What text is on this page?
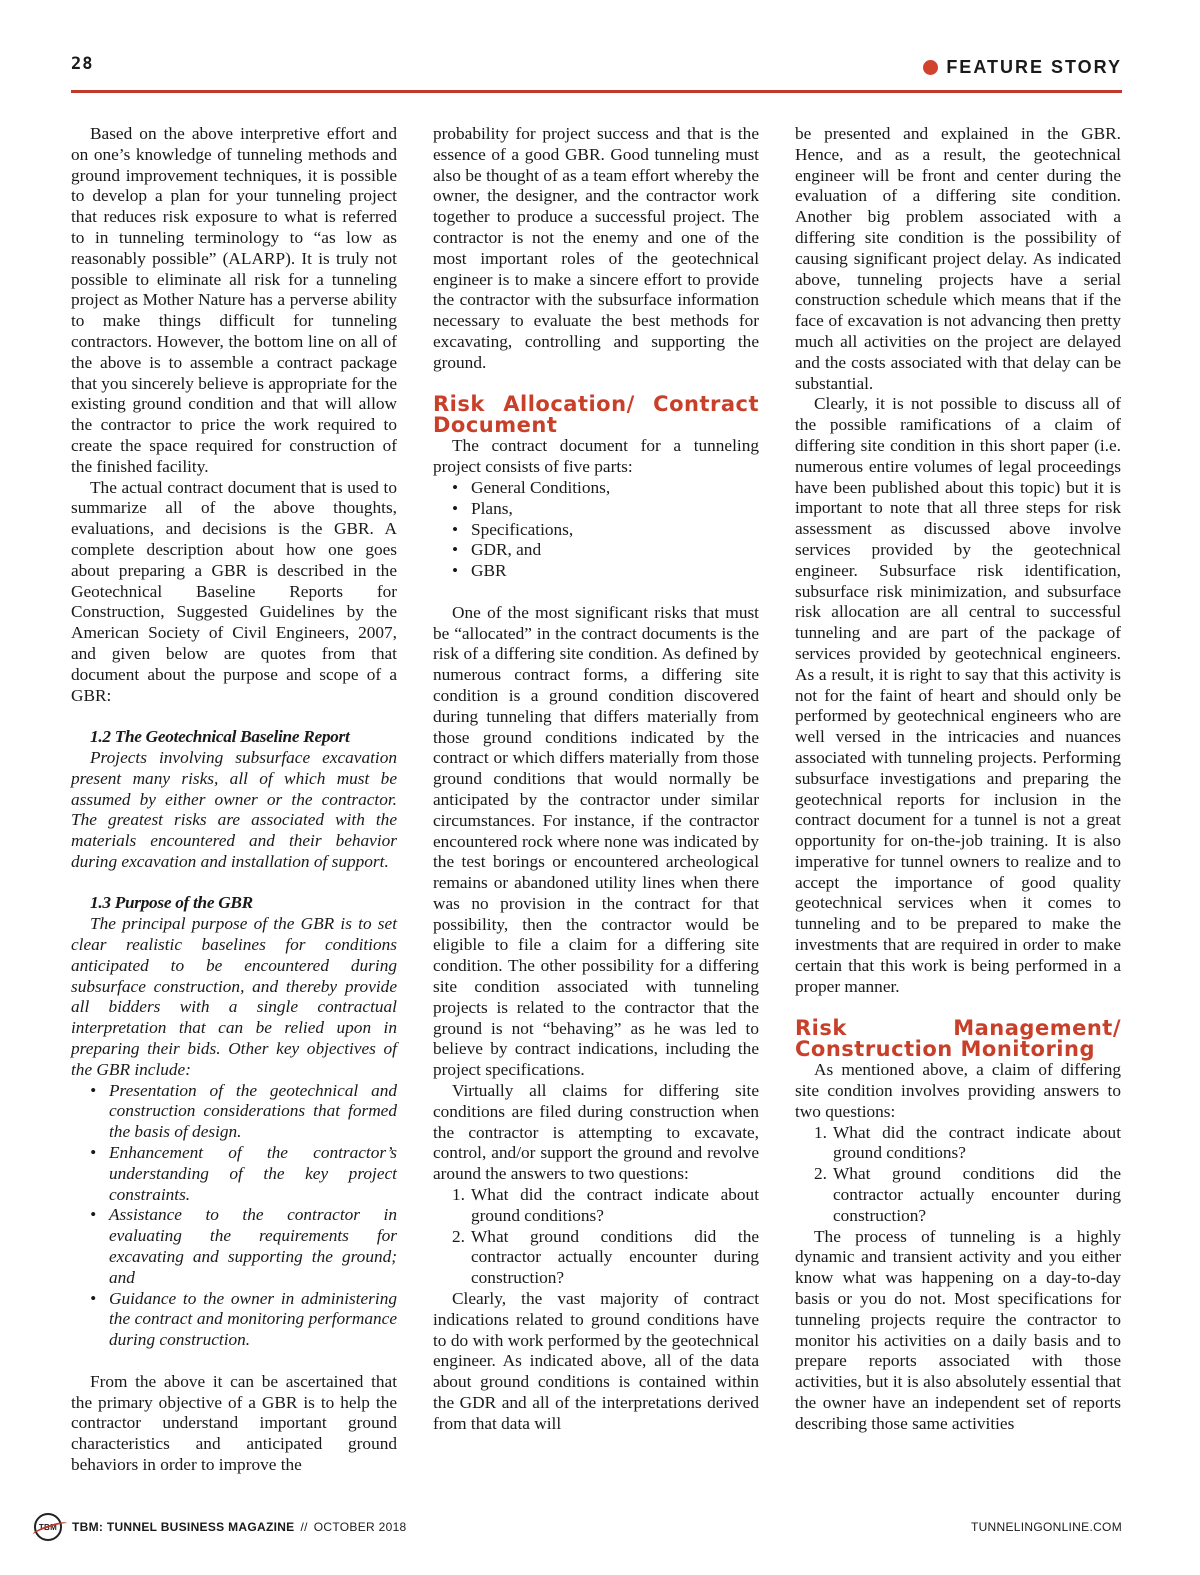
28	FEATURE STORY

Based on the above interpretive effort and on one’s knowledge of tunneling methods and ground improvement techniques, it is possible to develop a plan for your tunneling project that reduces risk exposure to what is referred to in tunneling terminology to “as low as reasonably possible” (ALARP). It is truly not possible to eliminate all risk for a tunneling project as Mother Nature has a perverse ability to make things difficult for tunneling contractors. However, the bottom line on all of the above is to assemble a contract package that you sincerely believe is appropriate for the existing ground condition and that will allow the contractor to price the work required to create the space required for construction of the finished facility.

The actual contract document that is used to summarize all of the above thoughts, evaluations, and decisions is the GBR. A complete description about how one goes about preparing a GBR is described in the Geotechnical Baseline Reports for Construction, Suggested Guidelines by the American Society of Civil Engineers, 2007, and given below are quotes from that document about the purpose and scope of a GBR:

1.2 The Geotechnical Baseline Report

Projects involving subsurface excavation present many risks, all of which must be assumed by either owner or the contractor. The greatest risks are associated with the materials encountered and their behavior during excavation and installation of support.

1.3 Purpose of the GBR

The principal purpose of the GBR is to set clear realistic baselines for conditions anticipated to be encountered during subsurface construction, and thereby provide all bidders with a single contractual interpretation that can be relied upon in preparing their bids. Other key objectives of the GBR include:

• Presentation of the geotechnical and construction considerations that formed the basis of design.
• Enhancement of the contractor’s understanding of the key project constraints.
• Assistance to the contractor in evaluating the requirements for excavating and supporting the ground; and
• Guidance to the owner in administering the contract and monitoring performance during construction.

From the above it can be ascertained that the primary objective of a GBR is to help the contractor understand important ground characteristics and anticipated ground behaviors in order to improve the

probability for project success and that is the essence of a good GBR. Good tunneling must also be thought of as a team effort whereby the owner, the designer, and the contractor work together to produce a successful project. The contractor is not the enemy and one of the most important roles of the geotechnical engineer is to make a sincere effort to provide the contractor with the subsurface information necessary to evaluate the best methods for excavating, controlling and supporting the ground.

Risk Allocation/ Contract Document

The contract document for a tunneling project consists of five parts:

• General Conditions,
• Plans,
• Specifications,
• GDR, and
• GBR

One of the most significant risks that must be “allocated” in the contract documents is the risk of a differing site condition. As defined by numerous contract forms, a differing site condition is a ground condition discovered during tunneling that differs materially from those ground conditions indicated by the contract or which differs materially from those ground conditions that would normally be anticipated by the contractor under similar circumstances. For instance, if the contractor encountered rock where none was indicated by the test borings or encountered archeological remains or abandoned utility lines when there was no provision in the contract for that possibility, then the contractor would be eligible to file a claim for a differing site condition. The other possibility for a differing site condition associated with tunneling projects is related to the contractor that the ground is not “behaving” as he was led to believe by contract indications, including the project specifications.

Virtually all claims for differing site conditions are filed during construction when the contractor is attempting to excavate, control, and/or support the ground and revolve around the answers to two questions:

1. What did the contract indicate about ground conditions?
2. What ground conditions did the contractor actually encounter during construction?

Clearly, the vast majority of contract indications related to ground conditions have to do with work performed by the geotechnical engineer. As indicated above, all of the data about ground conditions is contained within the GDR and all of the interpretations derived from that data will

be presented and explained in the GBR. Hence, and as a result, the geotechnical engineer will be front and center during the evaluation of a differing site condition. Another big problem associated with a differing site condition is the possibility of causing significant project delay. As indicated above, tunneling projects have a serial construction schedule which means that if the face of excavation is not advancing then pretty much all activities on the project are delayed and the costs associated with that delay can be substantial.

Clearly, it is not possible to discuss all of the possible ramifications of a claim of differing site condition in this short paper (i.e. numerous entire volumes of legal proceedings have been published about this topic) but it is important to note that all three steps for risk assessment as discussed above involve services provided by the geotechnical engineer. Subsurface risk identification, subsurface risk minimization, and subsurface risk allocation are all central to successful tunneling and are part of the package of services provided by geotechnical engineers. As a result, it is right to say that this activity is not for the faint of heart and should only be performed by geotechnical engineers who are well versed in the intricacies and nuances associated with tunneling projects. Performing subsurface investigations and preparing the geotechnical reports for inclusion in the contract document for a tunnel is not a great opportunity for on-the-job training. It is also imperative for tunnel owners to realize and to accept the importance of good quality geotechnical services when it comes to tunneling and to be prepared to make the investments that are required in order to make certain that this work is being performed in a proper manner.

Risk Management/ Construction Monitoring

As mentioned above, a claim of differing site condition involves providing answers to two questions:

1. What did the contract indicate about ground conditions?
2. What ground conditions did the contractor actually encounter during construction?

The process of tunneling is a highly dynamic and transient activity and you either know what was happening on a day-to-day basis or you do not. Most specifications for tunneling projects require the contractor to monitor his activities on a daily basis and to prepare reports associated with those activities, but it is also absolutely essential that the owner have an independent set of reports describing those same activities

TBM	TBM: TUNNEL BUSINESS MAGAZINE // OCTOBER 2018	TUNNELINGONLINE.COM
